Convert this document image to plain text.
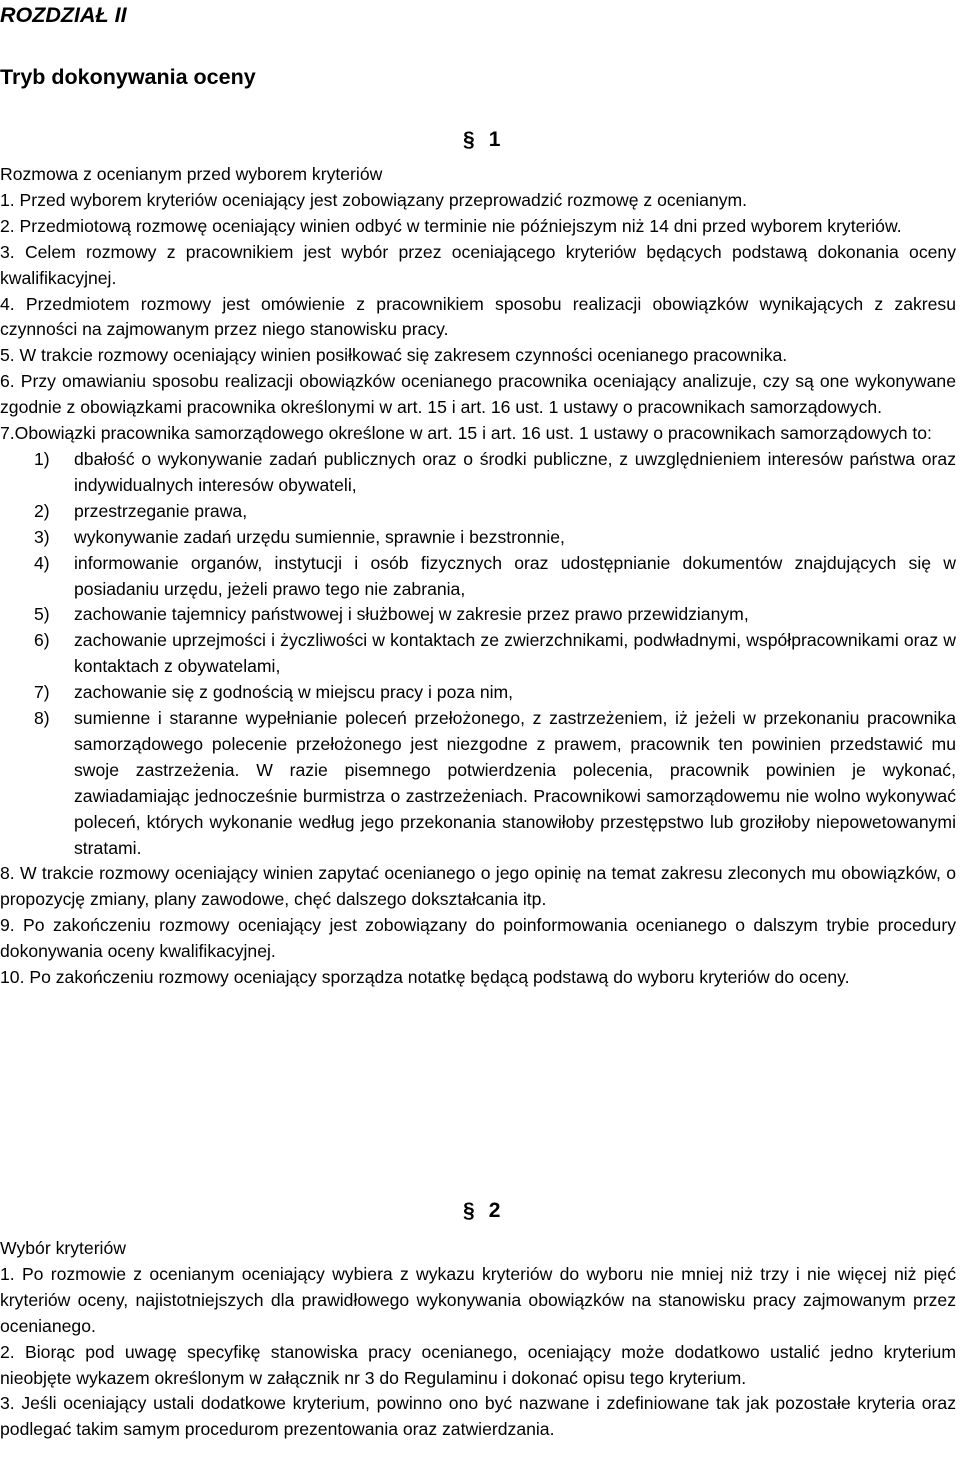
ROZDZIAŁ II
Tryb dokonywania oceny
§ 1

Rozmowa z ocenianym przed wyborem kryteriów

1. Przed wyborem kryteriów oceniający jest zobowiązany przeprowadzić rozmowę z ocenianym.

2. Przedmiotową rozmowę oceniający winien odbyć w terminie nie późniejszym niż 14 dni przed wyborem kryteriów.

3. Celem rozmowy z pracownikiem jest wybór przez oceniającego kryteriów będących podstawą dokonania oceny kwalifikacyjnej.

4. Przedmiotem rozmowy jest omówienie z pracownikiem sposobu realizacji obowiązków wynikających z zakresu czynności na zajmowanym przez niego stanowisku pracy.

5. W trakcie rozmowy oceniający winien posiłkować się zakresem czynności ocenianego pracownika.

6. Przy omawianiu sposobu realizacji obowiązków ocenianego pracownika oceniający analizuje, czy są one wykonywane zgodnie z obowiązkami pracownika określonymi w art. 15 i art. 16 ust. 1 ustawy o pracownikach samorządowych.

7.Obowiązki pracownika samorządowego określone w art. 15 i art. 16 ust. 1 ustawy o pracownikach samorządowych to:

1)	dbałość o wykonywanie zadań publicznych oraz o środki publiczne, z uwzględnieniem interesów państwa oraz indywidualnych interesów obywateli,
2)	przestrzeganie prawa,
3)	wykonywanie zadań urzędu sumiennie, sprawnie i bezstronnie,
4)	informowanie organów, instytucji i osób fizycznych oraz udostępnianie dokumentów znajdujących się w posiadaniu urzędu, jeżeli prawo tego nie zabrania,
5)	zachowanie tajemnicy państwowej i służbowej w zakresie przez prawo przewidzianym,
6)	zachowanie uprzejmości i życzliwości w kontaktach ze zwierzchnikami, podwładnymi, współpracownikami oraz w kontaktach z obywatelami,
7)	zachowanie się z godnością w miejscu pracy i poza nim,
8)	sumienne i staranne wypełnianie poleceń przełożonego, z zastrzeżeniem, iż jeżeli w przekonaniu pracownika samorządowego polecenie przełożonego jest niezgodne z prawem, pracownik ten powinien przedstawić mu swoje zastrzeżenia. W razie pisemnego potwierdzenia polecenia, pracownik powinien je wykonać, zawiadamiając jednocześnie burmistrza o zastrzeżeniach. Pracownikowi samorządowemu nie wolno wykonywać poleceń, których wykonanie według jego przekonania stanowiłoby przestępstwo lub groziłoby niepowetowanymi stratami.

8. W trakcie rozmowy oceniający winien zapytać ocenianego o jego opinię na temat zakresu zleconych mu obowiązków, o propozycję zmiany, plany zawodowe, chęć dalszego dokształcania itp.

9. Po zakończeniu rozmowy oceniający jest zobowiązany do poinformowania ocenianego o dalszym trybie procedury dokonywania oceny kwalifikacyjnej.

10. Po zakończeniu rozmowy oceniający sporządza notatkę będącą podstawą do wyboru kryteriów do oceny.

§ 2

Wybór kryteriów

1. Po rozmowie z ocenianym oceniający wybiera z wykazu kryteriów do wyboru nie mniej niż trzy i nie więcej niż pięć kryteriów oceny, najistotniejszych dla prawidłowego wykonywania obowiązków na stanowisku pracy zajmowanym przez ocenianego.

2. Biorąc pod uwagę specyfikę stanowiska pracy ocenianego, oceniający może dodatkowo ustalić jedno kryterium nieobjęte wykazem określonym w załącznik nr 3 do Regulaminu i dokonać opisu tego kryterium.

3. Jeśli oceniający ustali dodatkowe kryterium, powinno ono być nazwane i zdefiniowane tak jak pozostałe kryteria oraz podlegać takim samym procedurom prezentowania oraz zatwierdzania.
